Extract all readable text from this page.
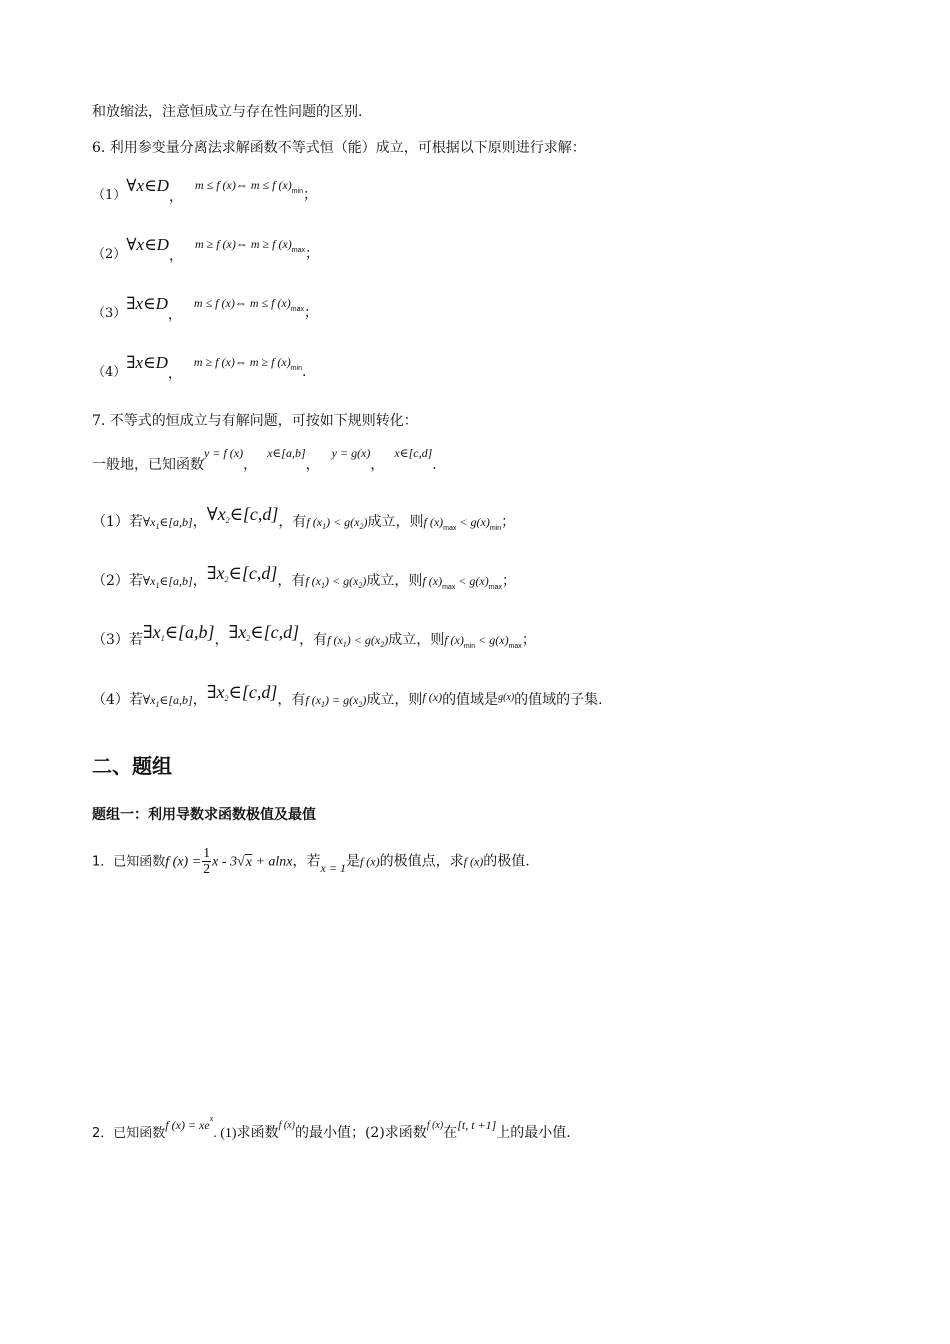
和放缩法，注意恒成立与存在性问题的区别.
6. 利用参变量分离法求解函数不等式恒（能）成立，可根据以下原则进行求解：
（1）∀x∈D，m ≤ f (x)⇔ m ≤ f $(x)_{min}$；
（2）∀x∈D，m ≥ f (x)⇔ m ≥ f $(x)_{max}$；
（3）∃x∈D，m ≤ f (x)⇔ m ≤ f $(x)_{max}$；
（4）∃x∈D，m ≥ f (x)⇔ m ≥ f $(x)_{min}$.
7. 不等式的恒成立与有解问题，可按如下规则转化：
一般地，已知函数y = f (x)，x∈[a,b]，y = g(x)，x∈[c,d].
（1）若$\forall x_1\in[a,b]$，$\forall x^2\in[c,d]$，有f $(x_1) < g(x_2)$成立，则f $(x)_{max} < g(x)_{min}$；
（2）若$\forall x_1\in[a,b]$，$\exists x^2\in[c,d]$，有f $(x_1) < g(x_2)$成立，则f $(x)_{max} < g(x)_{max}$；
（3）若$\exists x^1\in[a,b]$，$\exists x^2\in[c,d]$，有f $(x_1) < g(x_2)$成立，则f $(x)_{min} < g(x)_{max}$；
（4）若$\forall x_1\in[a,b]$，$\exists x^2\in[c,d]$，有f $(x_1) = g(x_2)$成立，则f (x)的值域是$^{g(x)}$的值域的子集.
二、题组
题组一：利用导数求函数极值及最值
1．已知函数f $(x) = \frac{1}{2}$ x - 3√x + alnx，若x = 1是f (x)的极值点，求f (x)的极值.
2．已知函数f $(x) = xe^x$. (1)求函数$^{f (x)}$的最小值；(2)求函数$^{f (x)}$在[t, t +1]上的最小值.
